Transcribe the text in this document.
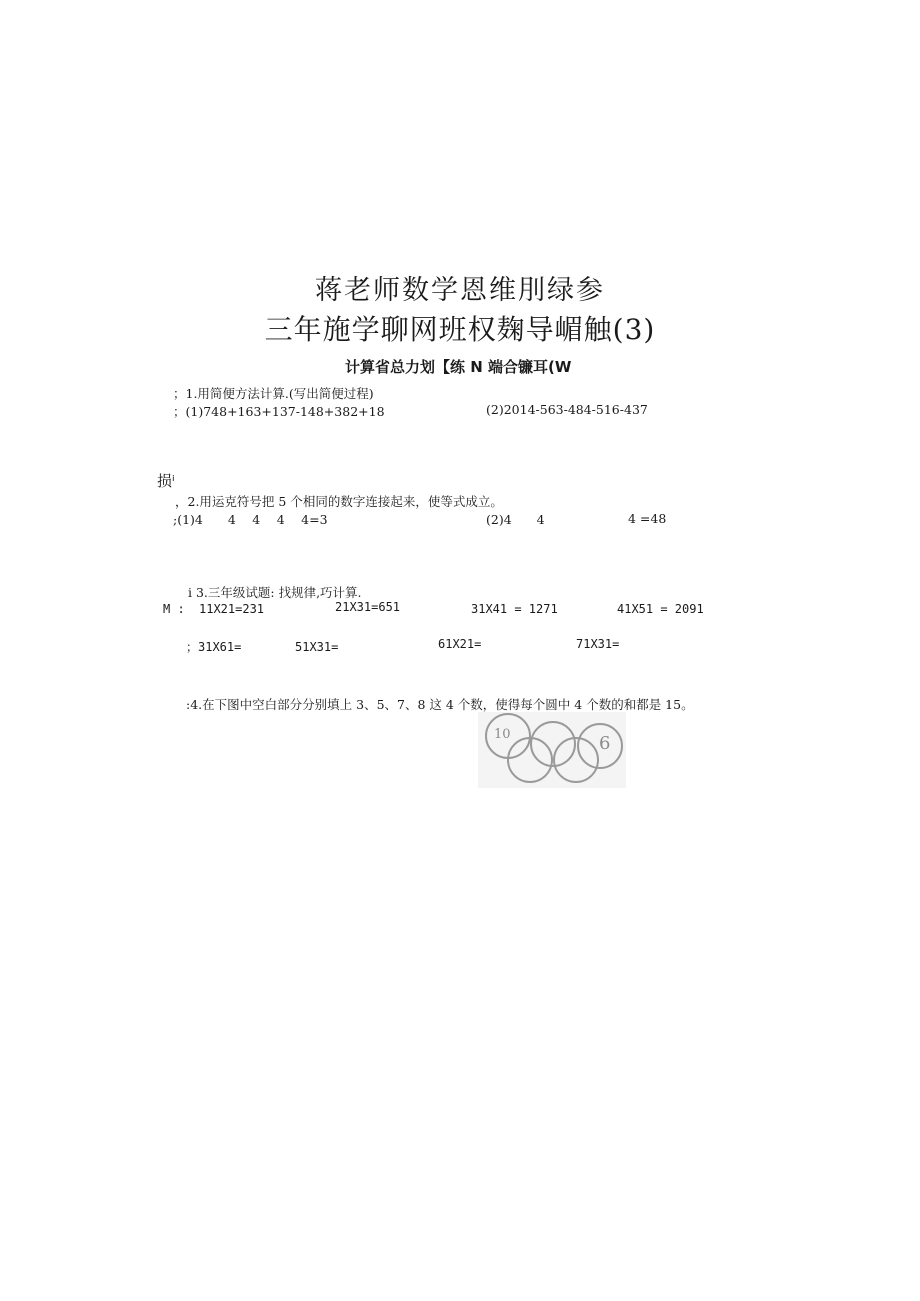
蒋老师数学恩维刖绿参
三年施学聊网班权麹导嵋触(3)
计算省总力划【练 N 端合镰耳(W
；1.用简便方法计算.(写出简便过程)
；(1)748+163+137-148+382+18	(2)2014-563-484-516-437
损ⁱ
，2.用运克符号把 5 个相同的数字连接起来，使等式成立。
;(1)4　　4　 4　 4　 4=3	(2)4　　4	4 =48
i 3.三年级试题: 找规律,巧计算.
M : 11X21=231	21X31=651	31X41 = 1271	41X51 = 2091
；31X61=	51X31=	61X21=	71X31=
:4.在下图中空白部分分别填上 3、5、7、8 这 4 个数，使得每个圆中 4 个数的和都是 15。
10	6
